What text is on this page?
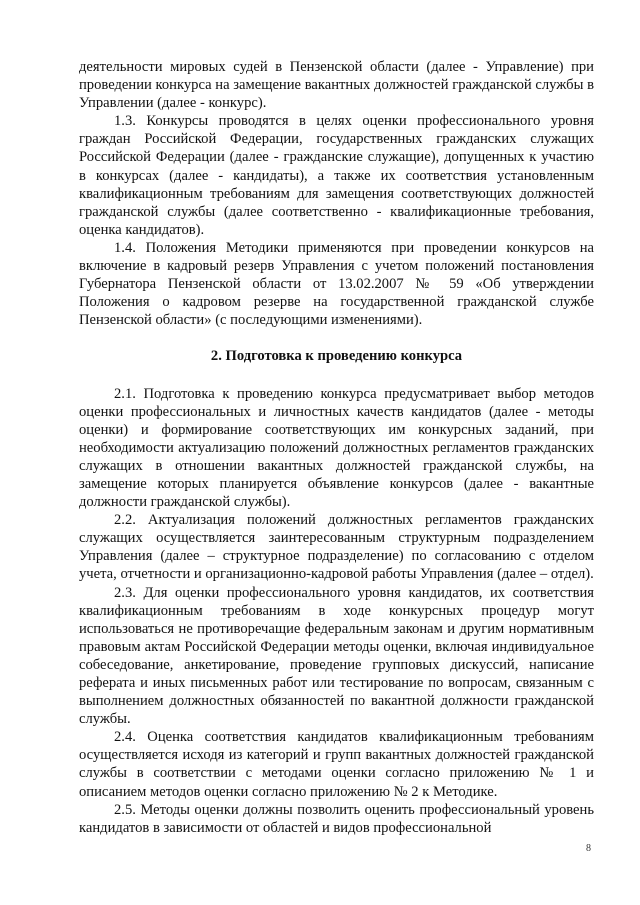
деятельности мировых судей в Пензенской области (далее - Управление) при проведении конкурса на замещение вакантных должностей гражданской службы в Управлении (далее - конкурс).

1.3. Конкурсы проводятся в целях оценки профессионального уровня граждан Российской Федерации, государственных гражданских служащих Российской Федерации (далее - гражданские служащие), допущенных к участию в конкурсах (далее - кандидаты), а также их соответствия установленным квалификационным требованиям для замещения соответствующих должностей гражданской службы (далее соответственно - квалификационные требования, оценка кандидатов).

1.4. Положения Методики применяются при проведении конкурсов на включение в кадровый резерв Управления с учетом положений постановления Губернатора Пензенской области от 13.02.2007 № 59 «Об утверждении Положения о кадровом резерве на государственной гражданской службе Пензенской области» (с последующими изменениями).

2. Подготовка к проведению конкурса

2.1. Подготовка к проведению конкурса предусматривает выбор методов оценки профессиональных и личностных качеств кандидатов (далее - методы оценки) и формирование соответствующих им конкурсных заданий, при необходимости актуализацию положений должностных регламентов гражданских служащих в отношении вакантных должностей гражданской службы, на замещение которых планируется объявление конкурсов (далее - вакантные должности гражданской службы).

2.2. Актуализация положений должностных регламентов гражданских служащих осуществляется заинтересованным структурным подразделением Управления (далее – структурное подразделение) по согласованию с отделом учета, отчетности и организационно-кадровой работы Управления (далее – отдел).

2.3. Для оценки профессионального уровня кандидатов, их соответствия квалификационным требованиям в ходе конкурсных процедур могут использоваться не противоречащие федеральным законам и другим нормативным правовым актам Российской Федерации методы оценки, включая индивидуальное собеседование, анкетирование, проведение групповых дискуссий, написание реферата и иных письменных работ или тестирование по вопросам, связанным с выполнением должностных обязанностей по вакантной должности гражданской службы.

2.4. Оценка соответствия кандидатов квалификационным требованиям осуществляется исходя из категорий и групп вакантных должностей гражданской службы в соответствии с методами оценки согласно приложению № 1 и описанием методов оценки согласно приложению № 2 к Методике.

2.5. Методы оценки должны позволить оценить профессиональный уровень кандидатов в зависимости от областей и видов профессиональной

8
